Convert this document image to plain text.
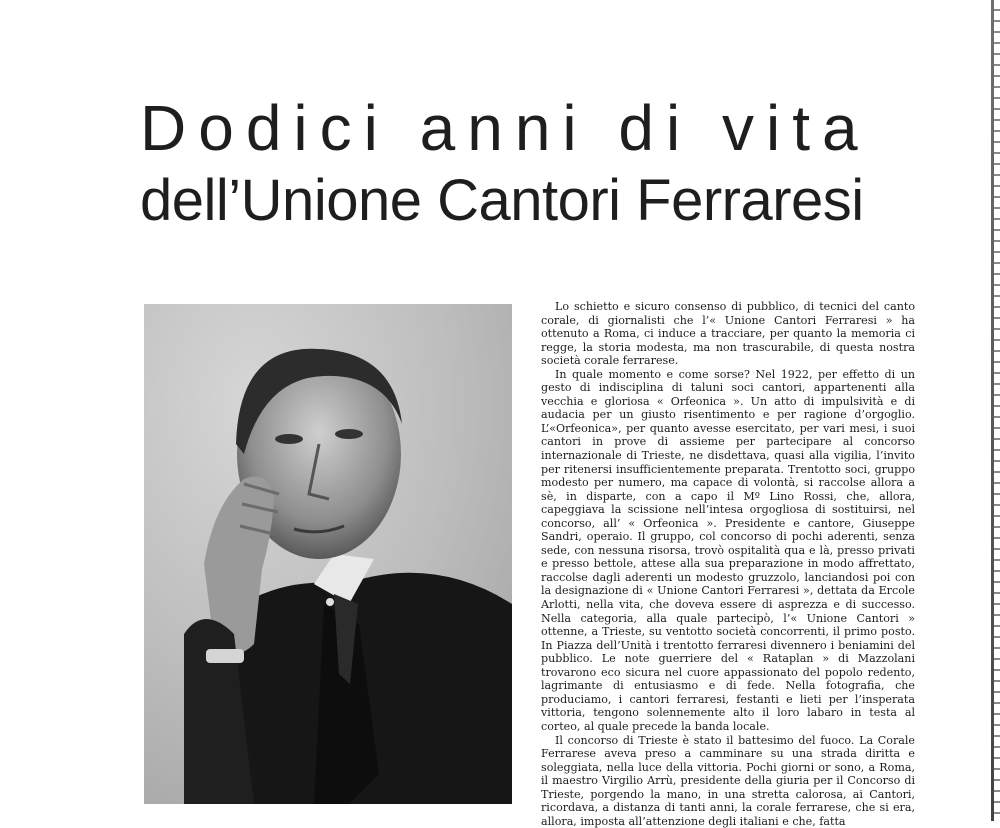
Dodici anni di vita
dell’Unione Cantori Ferraresi

Lo schietto e sicuro consenso di pubblico, di tecnici del canto corale, di giornalisti che l’« Unione Cantori Ferraresi » ha ottenuto a Roma, ci induce a tracciare, per quanto la memoria ci regge, la storia modesta, ma non trascurabile, di questa nostra società corale ferrarese.

In quale momento e come sorse? Nel 1922, per effetto di un gesto di indisciplina di taluni soci cantori, appartenenti alla vecchia e gloriosa « Orfeonica ». Un atto di impulsività e di audacia per un giusto risentimento e per ragione d’orgoglio. L’«Orfeonica», per quanto avesse esercitato, per vari mesi, i suoi cantori in prove di assieme per partecipare al concorso internazionale di Trieste, ne disdettava, quasi alla vigilia, l’invito per ritenersi insufficientemente preparata. Trentotto soci, gruppo modesto per numero, ma capace di volontà, si raccolse allora a sè, in disparte, con a capo il Mº Lino Rossi, che, allora, capeggiava la scissione nell’intesa orgogliosa di sostituirsi, nel concorso, all’ « Orfeonica ». Presidente e cantore, Giuseppe Sandri, operaio. Il gruppo, col concorso di pochi aderenti, senza sede, con nessuna risorsa, trovò ospitalità qua e là, presso privati e presso bettole, attese alla sua preparazione in modo affrettato, raccolse dagli aderenti un modesto gruzzolo, lanciandosi poi con la designazione di « Unione Cantori Ferraresi », dettata da Ercole Arlotti, nella vita, che doveva essere di asprezza e di successo. Nella categoria, alla quale partecipò, l’« Unione Cantori » ottenne, a Trieste, su ventotto società concorrenti, il primo posto. In Piazza dell’Unità i trentotto ferraresi divennero i beniamini del pubblico. Le note guerriere del « Rataplan » di Mazzolani trovarono eco sicura nel cuore appassionato del popolo redento, lagrimante di entusiasmo e di fede. Nella fotografia, che produciamo, i cantori ferraresi, festanti e lieti per l’insperata vittoria, tengono solennemente alto il loro labaro in testa al corteo, al quale precede la banda locale.

Il concorso di Trieste è stato il battesimo del fuoco. La Corale Ferrarese aveva preso a camminare su una strada diritta e soleggiata, nella luce della vittoria. Pochi giorni or sono, a Roma, il maestro Virgilio Arrù, presidente della giuria per il Concorso di Trieste, porgendo la mano, in una stretta calorosa, ai Cantori, ricordava, a distanza di tanti anni, la corale ferrarese, che si era, allora, imposta all’attenzione degli italiani e che, fatta
